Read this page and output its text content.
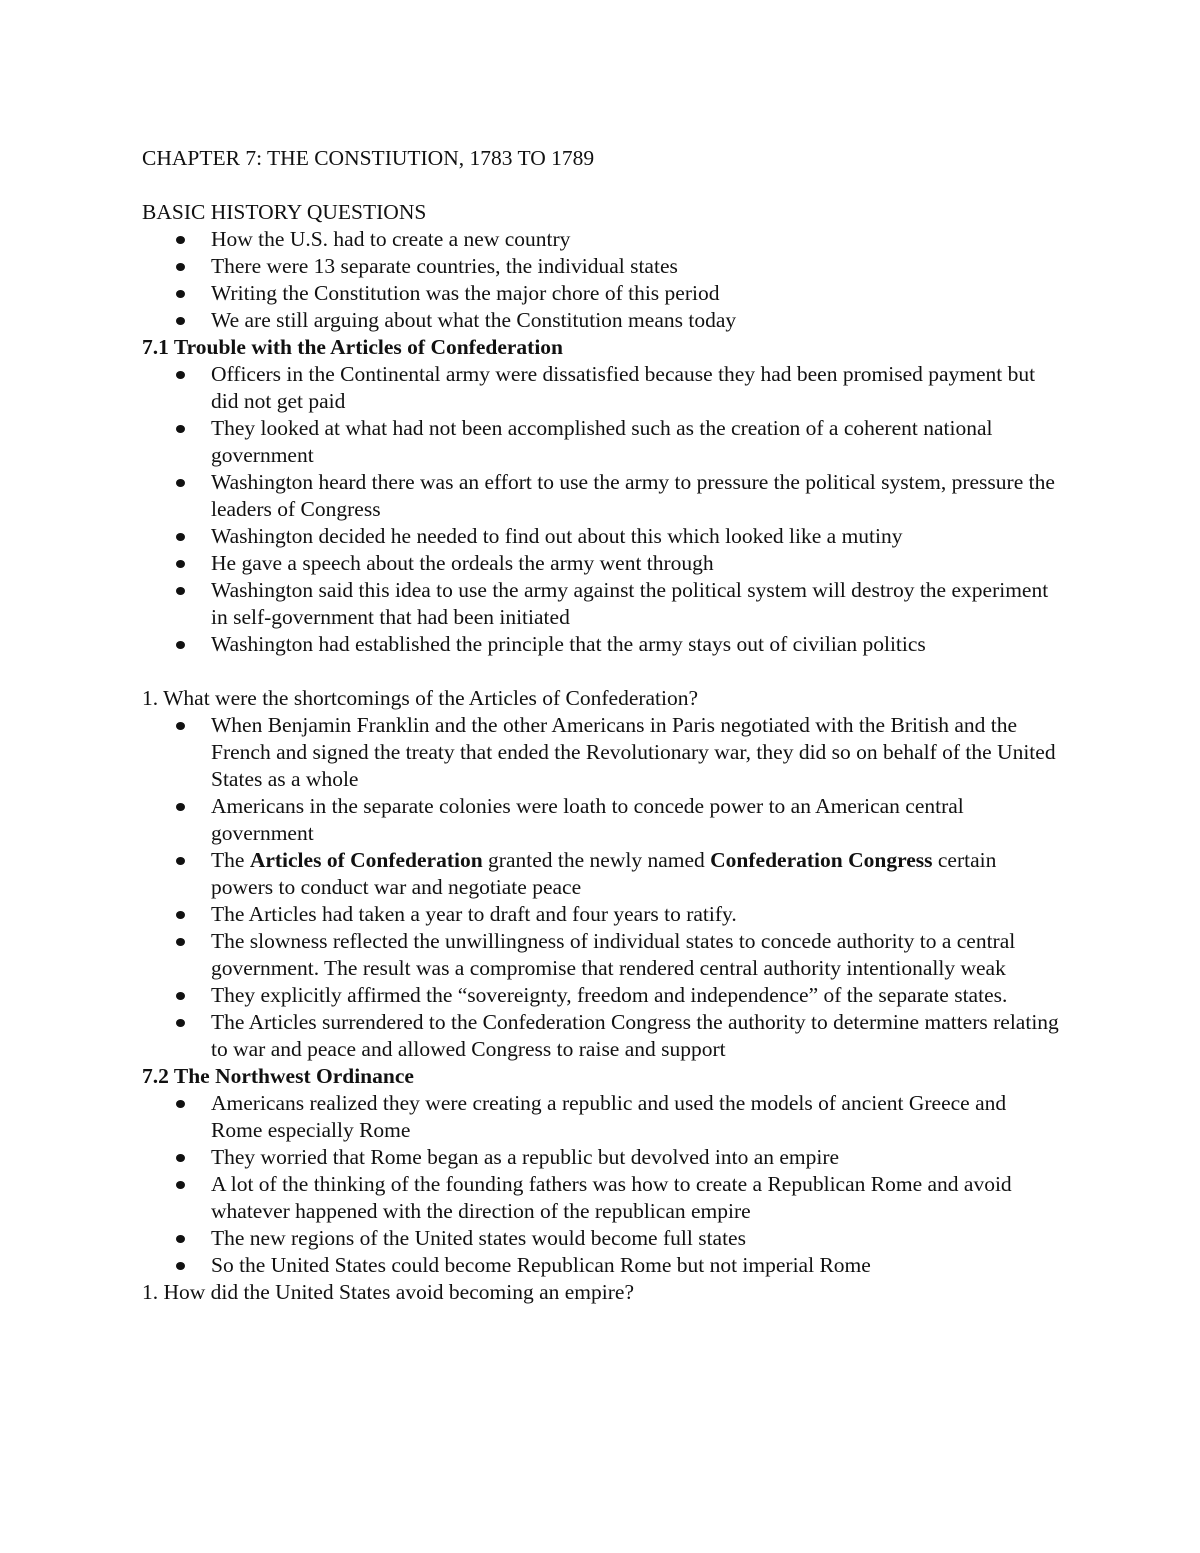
CHAPTER 7: THE CONSTIUTION, 1783 TO 1789

BASIC HISTORY QUESTIONS

How the U.S. had to create a new country
There were 13 separate countries, the individual states
Writing the Constitution was the major chore of this period
We are still arguing about what the Constitution means today

7.1 Trouble with the Articles of Confederation

Officers in the Continental army were dissatisfied because they had been promised payment but did not get paid
They looked at what had not been accomplished such as the creation of a coherent national government
Washington heard there was an effort to use the army to pressure the political system, pressure the leaders of Congress
Washington decided he needed to find out about this which looked like a mutiny
He gave a speech about the ordeals the army went through
Washington said this idea to use the army against the political system will destroy the experiment in self-government that had been initiated
Washington had established the principle that the army stays out of civilian politics

1. What were the shortcomings of the Articles of Confederation?

When Benjamin Franklin and the other Americans in Paris negotiated with the British and the French and signed the treaty that ended the Revolutionary war, they did so on behalf of the United States as a whole
Americans in the separate colonies were loath to concede power to an American central government
The Articles of Confederation granted the newly named Confederation Congress certain powers to conduct war and negotiate peace
The Articles had taken a year to draft and four years to ratify.
The slowness reflected the unwillingness of individual states to concede authority to a central government. The result was a compromise that rendered central authority intentionally weak
They explicitly affirmed the “sovereignty, freedom and independence” of the separate states.
The Articles surrendered to the Confederation Congress the authority to determine matters relating to war and peace and allowed Congress to raise and support

7.2 The Northwest Ordinance

Americans realized they were creating a republic and used the models of ancient Greece and Rome especially Rome
They worried that Rome began as a republic but devolved into an empire
A lot of the thinking of the founding fathers was how to create a Republican Rome and avoid whatever happened with the direction of the republican empire
The new regions of the United states would become full states
So the United States could become Republican Rome but not imperial Rome

1. How did the United States avoid becoming an empire?
